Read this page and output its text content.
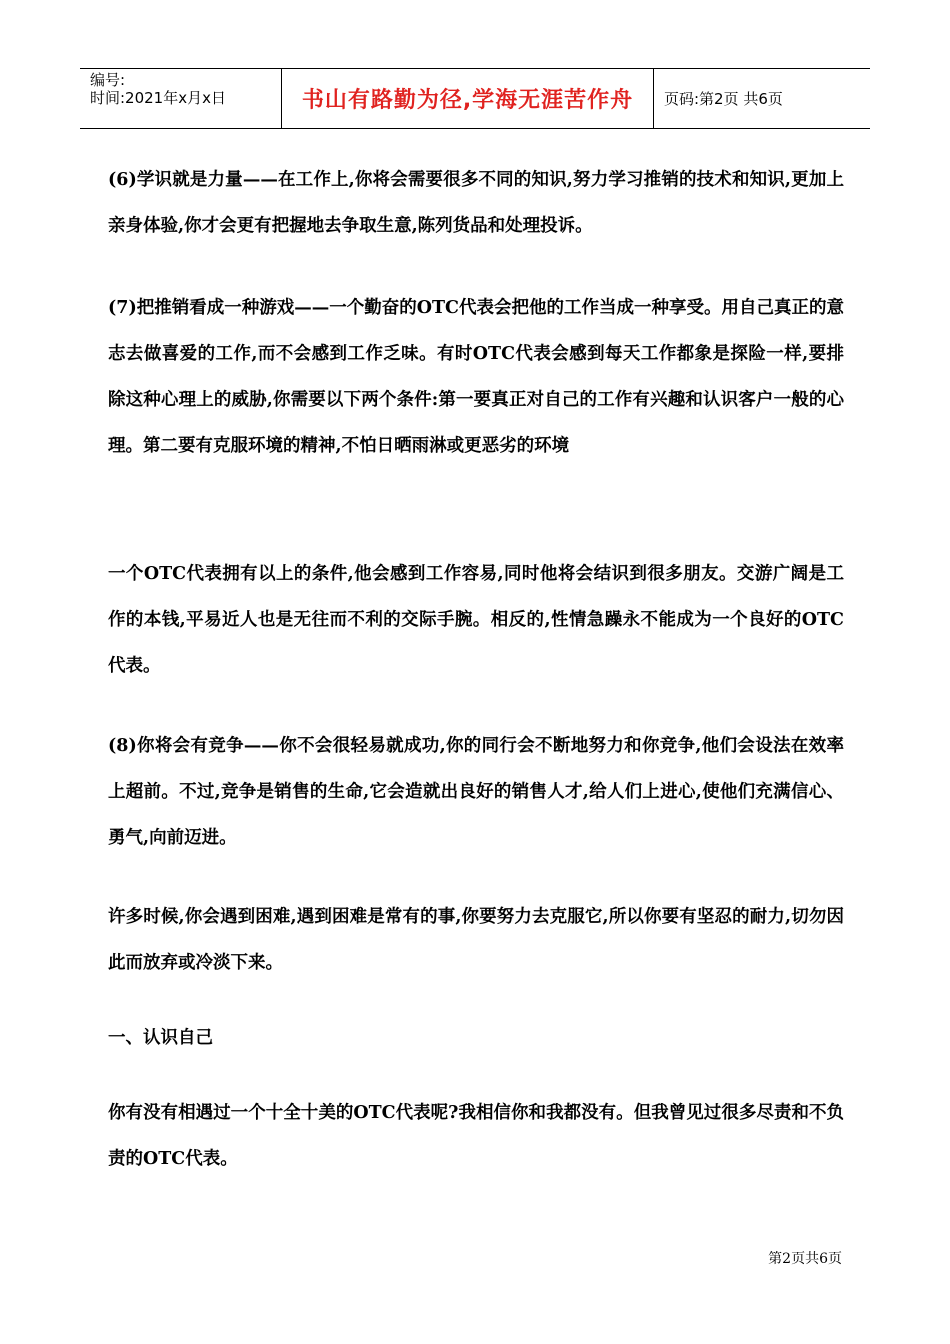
编号:
时间:2021年x月x日	书山有路勤为径,学海无涯苦作舟 页码:第2页 共6页

(6)学识就是力量——在工作上,你将会需要很多不同的知识,努力学习推销的技术和知识,更加上亲身体验,你才会更有把握地去争取生意,陈列货品和处理投诉。

(7)把推销看成一种游戏——一个勤奋的OTC代表会把他的工作当成一种享受。用自己真正的意志去做喜爱的工作,而不会感到工作乏味。有时OTC代表会感到每天工作都象是探险一样,要排除这种心理上的威胁,你需要以下两个条件:第一要真正对自己的工作有兴趣和认识客户一般的心理。第二要有克服环境的精神,不怕日晒雨淋或更恶劣的环境

一个OTC代表拥有以上的条件,他会感到工作容易,同时他将会结识到很多朋友。交游广阔是工作的本钱,平易近人也是无往而不利的交际手腕。相反的,性情急躁永不能成为一个良好的OTC代表。

(8)你将会有竞争——你不会很轻易就成功,你的同行会不断地努力和你竞争,他们会设法在效率上超前。不过,竞争是销售的生命,它会造就出良好的销售人才,给人们上进心,使他们充满信心、勇气,向前迈进。

许多时候,你会遇到困难,遇到困难是常有的事,你要努力去克服它,所以你要有坚忍的耐力,切勿因此而放弃或冷淡下来。

一、认识自己

你有没有相遇过一个十全十美的OTC代表呢?我相信你和我都没有。但我曾见过很多尽责和不负责的OTC代表。

第2页共6页
